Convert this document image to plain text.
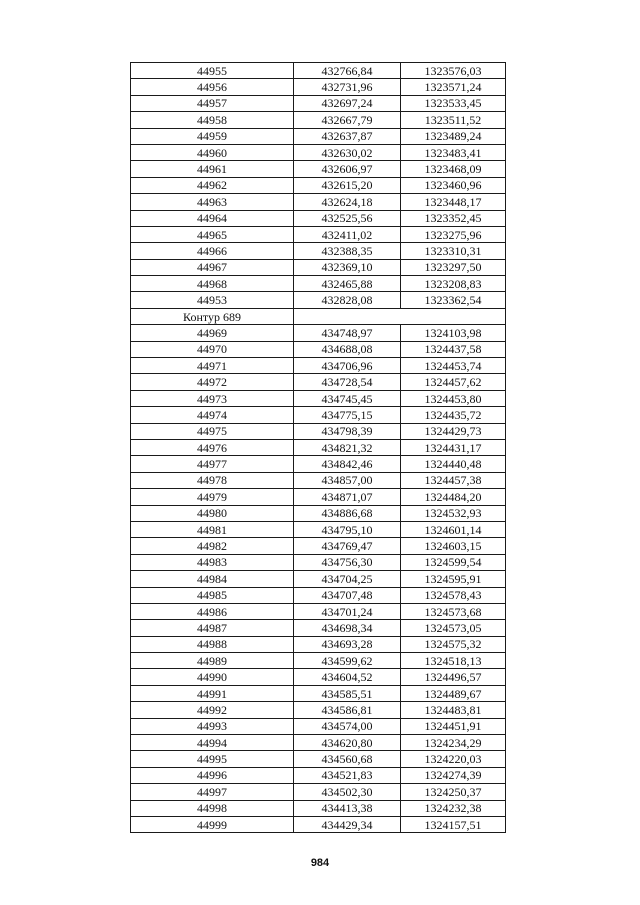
44955	432766,84	1323576,03
44956	432731,96	1323571,24
44957	432697,24	1323533,45
44958	432667,79	1323511,52
44959	432637,87	1323489,24
44960	432630,02	1323483,41
44961	432606,97	1323468,09
44962	432615,20	1323460,96
44963	432624,18	1323448,17
44964	432525,56	1323352,45
44965	432411,02	1323275,96
44966	432388,35	1323310,31
44967	432369,10	1323297,50
44968	432465,88	1323208,83
44953	432828,08	1323362,54
Контур 689		
44969	434748,97	1324103,98
44970	434688,08	1324437,58
44971	434706,96	1324453,74
44972	434728,54	1324457,62
44973	434745,45	1324453,80
44974	434775,15	1324435,72
44975	434798,39	1324429,73
44976	434821,32	1324431,17
44977	434842,46	1324440,48
44978	434857,00	1324457,38
44979	434871,07	1324484,20
44980	434886,68	1324532,93
44981	434795,10	1324601,14
44982	434769,47	1324603,15
44983	434756,30	1324599,54
44984	434704,25	1324595,91
44985	434707,48	1324578,43
44986	434701,24	1324573,68
44987	434698,34	1324573,05
44988	434693,28	1324575,32
44989	434599,62	1324518,13
44990	434604,52	1324496,57
44991	434585,51	1324489,67
44992	434586,81	1324483,81
44993	434574,00	1324451,91
44994	434620,80	1324234,29
44995	434560,68	1324220,03
44996	434521,83	1324274,39
44997	434502,30	1324250,37
44998	434413,38	1324232,38
44999	434429,34	1324157,51
984
